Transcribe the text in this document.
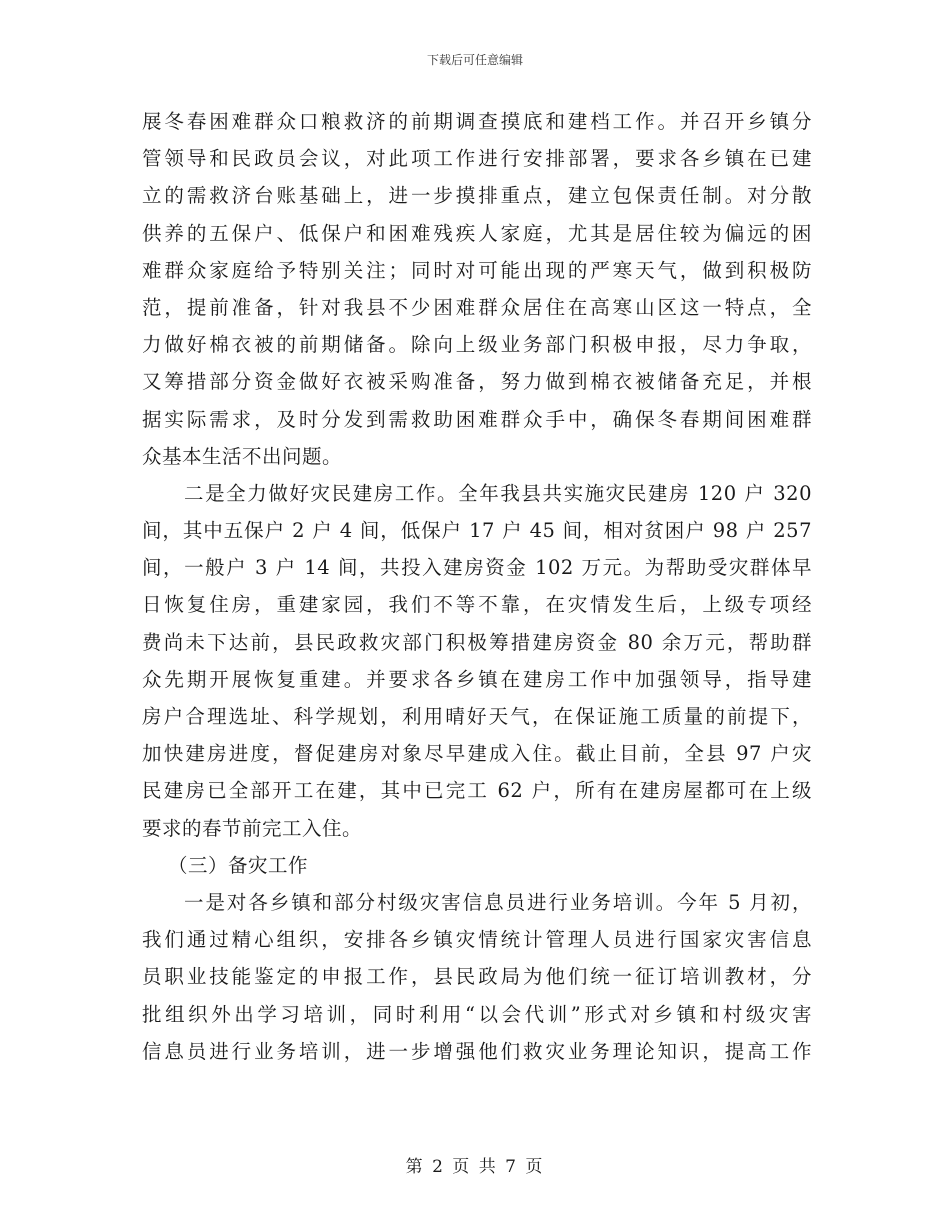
下载后可任意编辑
展冬春困难群众口粮救济的前期调查摸底和建档工作。并召开乡镇分
管领导和民政员会议，对此项工作进行安排部署，要求各乡镇在已建
立的需救济台账基础上，进一步摸排重点，建立包保责任制。对分散
供养的五保户、低保户和困难残疾人家庭，尤其是居住较为偏远的困
难群众家庭给予特别关注；同时对可能出现的严寒天气，做到积极防
范，提前准备，针对我县不少困难群众居住在高寒山区这一特点，全
力做好棉衣被的前期储备。除向上级业务部门积极申报，尽力争取，
又筹措部分资金做好衣被采购准备，努力做到棉衣被储备充足，并根
据实际需求，及时分发到需救助困难群众手中，确保冬春期间困难群
众基本生活不出问题。
二是全力做好灾民建房工作。全年我县共实施灾民建房 120 户 320
间，其中五保户 2 户 4 间，低保户 17 户 45 间，相对贫困户 98 户 257
间，一般户 3 户 14 间，共投入建房资金 102 万元。为帮助受灾群体早
日恢复住房，重建家园，我们不等不靠，在灾情发生后，上级专项经
费尚未下达前，县民政救灾部门积极筹措建房资金 80 余万元，帮助群
众先期开展恢复重建。并要求各乡镇在建房工作中加强领导，指导建
房户合理选址、科学规划，利用晴好天气，在保证施工质量的前提下，
加快建房进度，督促建房对象尽早建成入住。截止目前，全县 97 户灾
民建房已全部开工在建，其中已完工 62 户，所有在建房屋都可在上级
要求的春节前完工入住。
（三）备灾工作
一是对各乡镇和部分村级灾害信息员进行业务培训。今年 5 月初，
我们通过精心组织，安排各乡镇灾情统计管理人员进行国家灾害信息
员职业技能鉴定的申报工作，县民政局为他们统一征订培训教材，分
批组织外出学习培训，同时利用“以会代训”形式对乡镇和村级灾害
信息员进行业务培训，进一步增强他们救灾业务理论知识，提高工作
第 2 页 共 7 页
